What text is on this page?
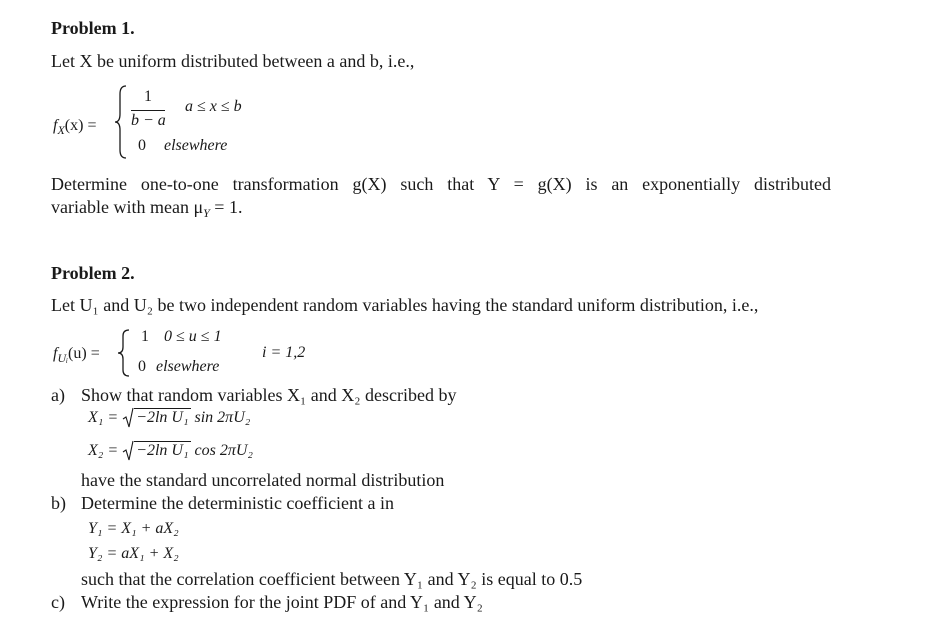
Problem 1.
Let X be uniform distributed between a and b, i.e.,
$f_X(x)$ =
1
b − a
a ≤ x ≤ b
0 elsewhere
Determine one-to-one transformation g(X) such that Y = g(X) is an exponentially distributed
variable with mean $\mu_Y = 1$.
Problem 2.
Let U₁ and U₂ be two independent random variables having the standard uniform distribution, i.e.,
$f_{Uᵢ}(u)$ =
1 0 ≤ u ≤ 1
0 elsewhere
i = 1,2
a) Show that random variables X₁ and X₂ described by
X₁ = −2ln U₁ sin 2πU₂
X₂ = −2ln U₁ cos 2πU₂
have the standard uncorrelated normal distribution
b) Determine the deterministic coefficient a in
Y₁ = X₁ + aX₂
Y₂ = aX₁ + X₂
such that the correlation coefficient between Y₁ and Y₂ is equal to 0.5
c) Write the expression for the joint PDF of and Y₁ and Y₂
